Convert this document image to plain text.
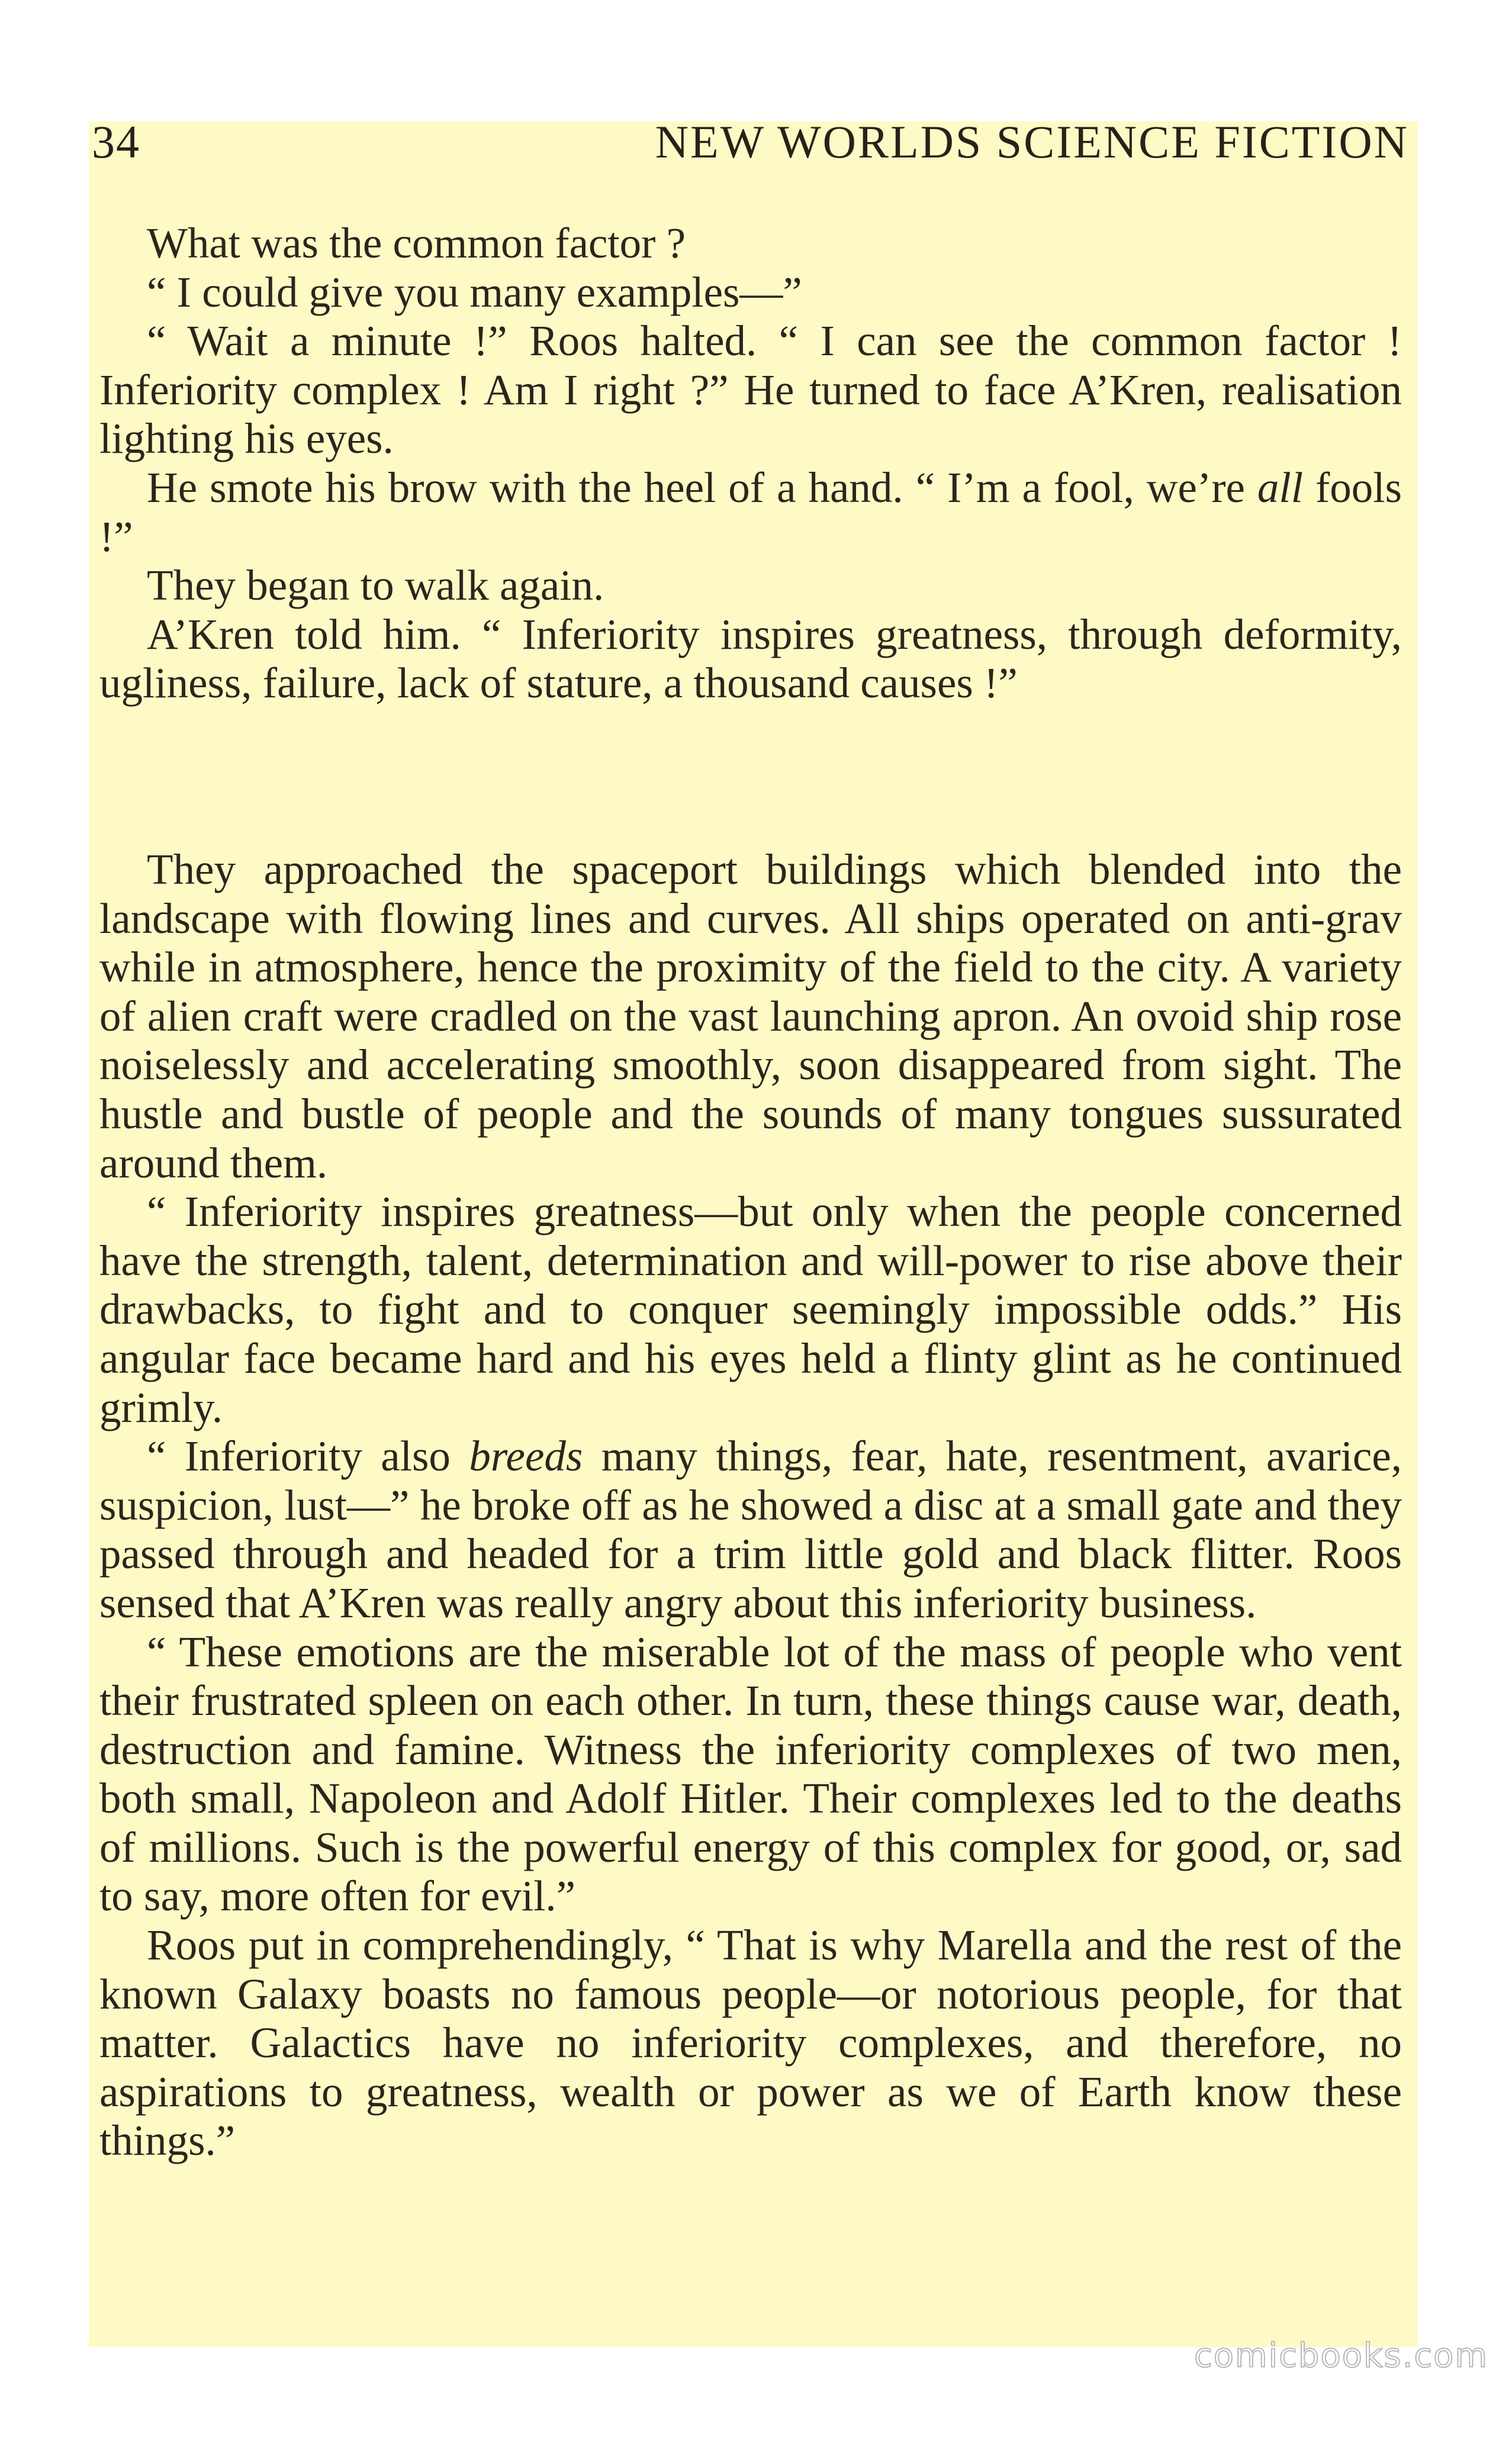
34	NEW WORLDS SCIENCE FICTION

What was the common factor ?

“ I could give you many examples—”

“ Wait a minute !” Roos halted. “ I can see the common factor ! Inferiority complex ! Am I right ?” He turned to face A’Kren, realisation lighting his eyes.

He smote his brow with the heel of a hand. “ I’m a fool, we’re all fools !”

They began to walk again.

A’Kren told him. “ Inferiority inspires greatness, through deformity, ugliness, failure, lack of stature, a thousand causes !”

They approached the spaceport buildings which blended into the landscape with flowing lines and curves. All ships operated on anti-grav while in atmosphere, hence the proximity of the field to the city. A variety of alien craft were cradled on the vast launching apron. An ovoid ship rose noiselessly and accelerating smoothly, soon disappeared from sight. The hustle and bustle of people and the sounds of many tongues sussurated around them.

“ Inferiority inspires greatness—but only when the people concerned have the strength, talent, determination and will-power to rise above their drawbacks, to fight and to conquer seemingly impossible odds.” His angular face became hard and his eyes held a flinty glint as he continued grimly.

“ Inferiority also breeds many things, fear, hate, resentment, avarice, suspicion, lust—” he broke off as he showed a disc at a small gate and they passed through and headed for a trim little gold and black flitter. Roos sensed that A’Kren was really angry about this inferiority business.

“ These emotions are the miserable lot of the mass of people who vent their frustrated spleen on each other. In turn, these things cause war, death, destruction and famine. Witness the inferiority complexes of two men, both small, Napoleon and Adolf Hitler. Their complexes led to the deaths of millions. Such is the powerful energy of this complex for good, or, sad to say, more often for evil.”

Roos put in comprehendingly, “ That is why Marella and the rest of the known Galaxy boasts no famous people—or notorious people, for that matter. Galactics have no inferiority complexes, and therefore, no aspirations to greatness, wealth or power as we of Earth know these things.”

comicbooks.com
